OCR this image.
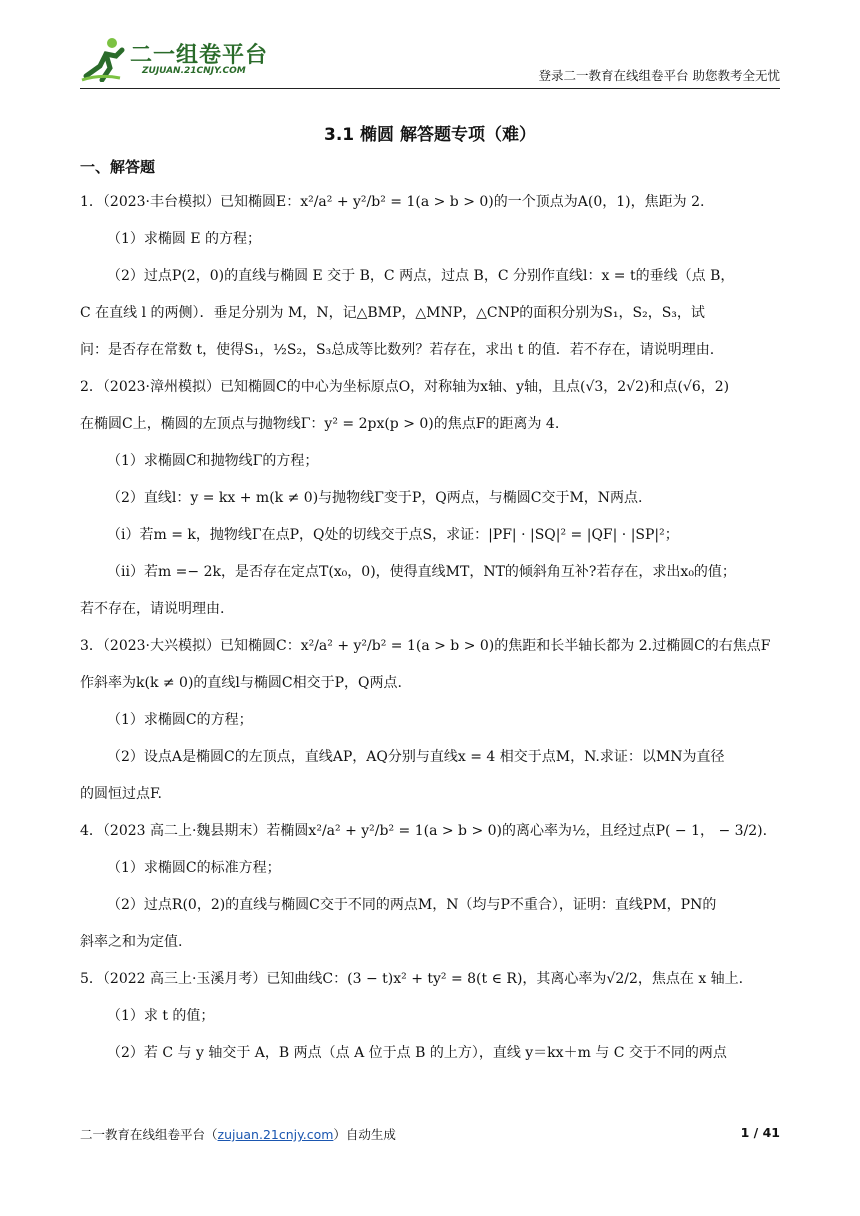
二一组卷平台
ZUJUAN.21CNJY.COM	登录二一教育在线组卷平台 助您教考全无忧
3.1 椭圆 解答题专项（难）
一、解答题
1．（2023·丰台模拟）已知椭圆E：x²/a² + y²/b² = 1(a > b > 0)的一个顶点为A(0，1)，焦距为 2.
（1）求椭圆 E 的方程；
（2）过点P(2，0)的直线与椭圆 E 交于 B，C 两点，过点 B，C 分别作直线l：x = t的垂线（点 B，
C 在直线 l 的两侧）．垂足分别为 M，N，记△BMP，△MNP，△CNP的面积分别为S₁，S₂，S₃，试
问：是否存在常数 t，使得S₁，½S₂，S₃总成等比数列？若存在，求出 t 的值．若不存在，请说明理由.
2．（2023·漳州模拟）已知椭圆C的中心为坐标原点O，对称轴为x轴、y轴，且点(√3，2√2)和点(√6，2)
在椭圆C上，椭圆的左顶点与抛物线Γ：y² = 2px(p > 0)的焦点F的距离为 4.
（1）求椭圆C和抛物线Γ的方程；
（2）直线l：y = kx + m(k ≠ 0)与抛物线Γ变于P，Q两点，与椭圆C交于M，N两点.
（i）若m = k，抛物线Γ在点P，Q处的切线交于点S，求证：|PF| · |SQ|² = |QF| · |SP|²；
（ii）若m =− 2k，是否存在定点T(x₀，0)，使得直线MT，NT的倾斜角互补?若存在，求出x₀的值；
若不存在，请说明理由.
3．（2023·大兴模拟）已知椭圆C：x²/a² + y²/b² = 1(a > b > 0)的焦距和长半轴长都为 2.过椭圆C的右焦点F
作斜率为k(k ≠ 0)的直线l与椭圆C相交于P，Q两点.
（1）求椭圆C的方程；
（2）设点A是椭圆C的左顶点，直线AP，AQ分别与直线x = 4 相交于点M，N.求证：以MN为直径
的圆恒过点F.
4．（2023 高二上·魏县期末）若椭圆x²/a² + y²/b² = 1(a > b > 0)的离心率为½，且经过点P( − 1， − 3/2).
（1）求椭圆C的标准方程；
（2）过点R(0，2)的直线与椭圆C交于不同的两点M，N（均与P不重合），证明：直线PM，PN的
斜率之和为定值.
5．（2022 高三上·玉溪月考）已知曲线C：(3 − t)x² + ty² = 8(t ∈ R)，其离心率为√2/2，焦点在 x 轴上.
（1）求 t 的值；
（2）若 C 与 y 轴交于 A，B 两点（点 A 位于点 B 的上方），直线 y＝kx＋m 与 C 交于不同的两点
二一教育在线组卷平台（zujuan.21cnjy.com）自动生成	1 / 41
